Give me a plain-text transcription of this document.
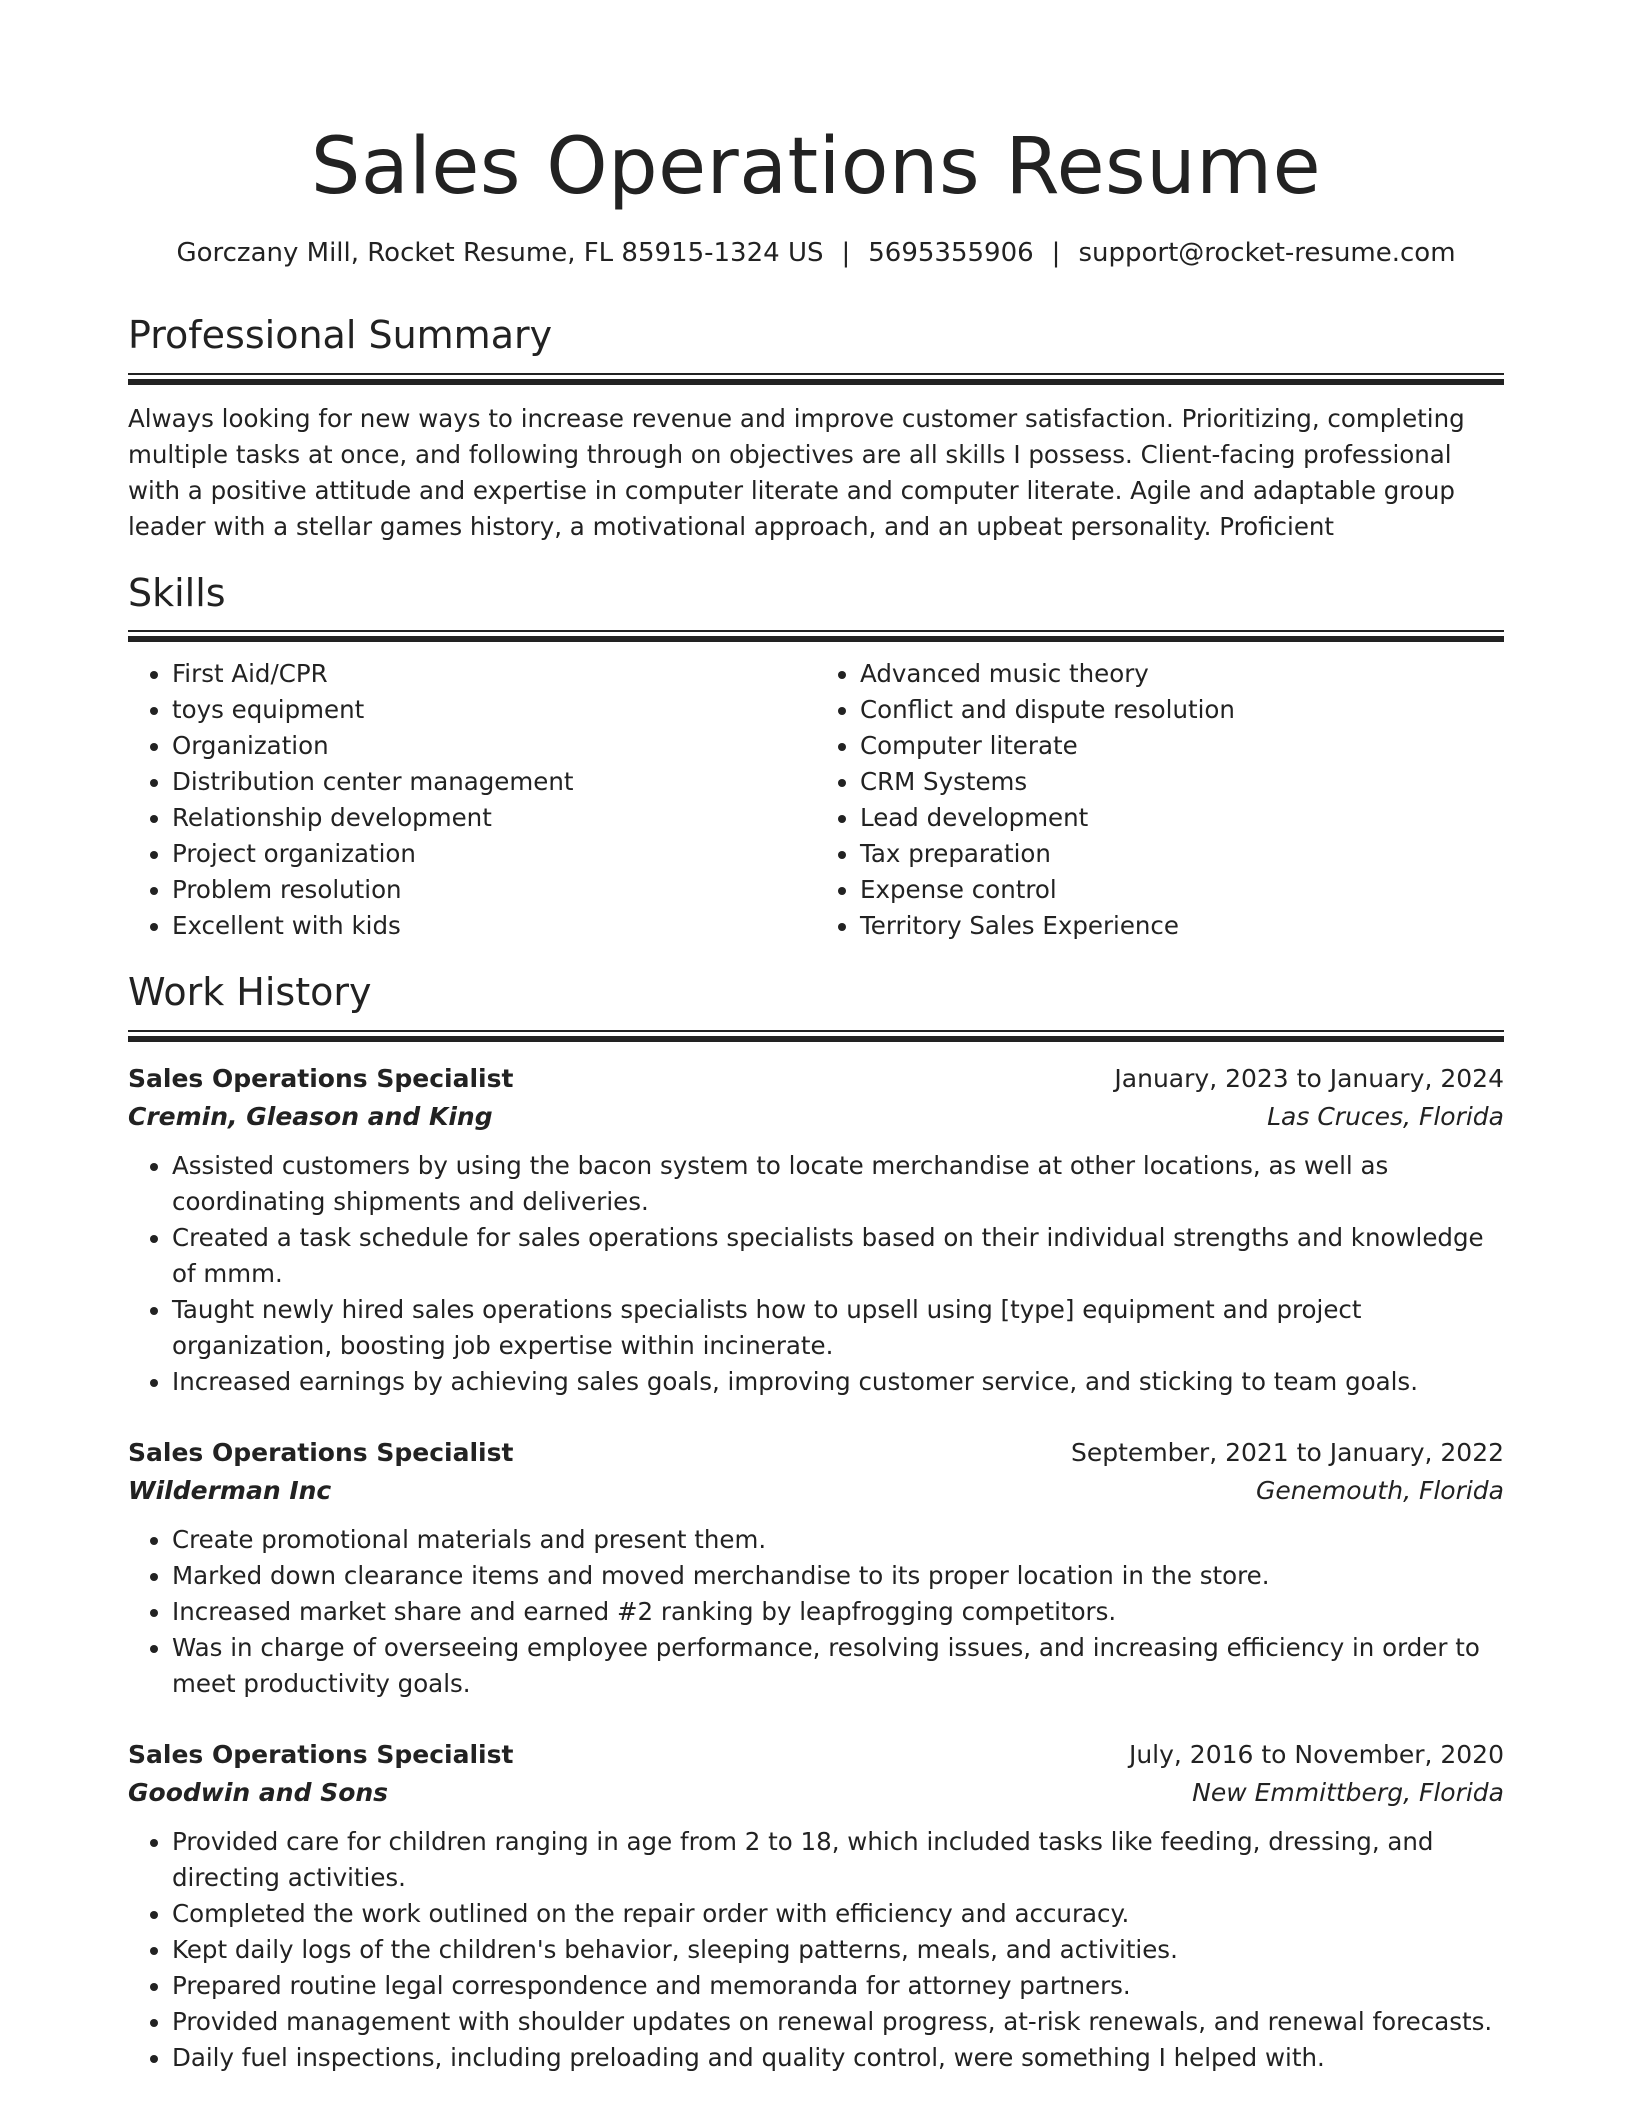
Sales Operations Resume
Gorczany Mill, Rocket Resume, FL 85915-1324 US | 5695355906 | support@rocket-resume.com
Professional Summary

Always looking for new ways to increase revenue and improve customer satisfaction. Prioritizing, completing multiple tasks at once, and following through on objectives are all skills I possess. Client-facing professional with a positive attitude and expertise in computer literate and computer literate. Agile and adaptable group leader with a stellar games history, a motivational approach, and an upbeat personality. Proficient

Skills
• First Aid/CPR
• toys equipment
• Organization
• Distribution center management
• Relationship development
• Project organization
• Problem resolution
• Excellent with kids
• Advanced music theory
• Conflict and dispute resolution
• Computer literate
• CRM Systems
• Lead development
• Tax preparation
• Expense control
• Territory Sales Experience
Work History
Sales Operations Specialist	January, 2023 to January, 2024
Cremin, Gleason and King	Las Cruces, Florida
• Assisted customers by using the bacon system to locate merchandise at other locations, as well as coordinating shipments and deliveries.
• Created a task schedule for sales operations specialists based on their individual strengths and knowledge of mmm.
• Taught newly hired sales operations specialists how to upsell using [type] equipment and project organization, boosting job expertise within incinerate.
• Increased earnings by achieving sales goals, improving customer service, and sticking to team goals.
Sales Operations Specialist	September, 2021 to January, 2022
Wilderman Inc	Genemouth, Florida
• Create promotional materials and present them.
• Marked down clearance items and moved merchandise to its proper location in the store.
• Increased market share and earned #2 ranking by leapfrogging competitors.
• Was in charge of overseeing employee performance, resolving issues, and increasing efficiency in order to meet productivity goals.
Sales Operations Specialist	July, 2016 to November, 2020
Goodwin and Sons	New Emmittberg, Florida
• Provided care for children ranging in age from 2 to 18, which included tasks like feeding, dressing, and directing activities.
• Completed the work outlined on the repair order with efficiency and accuracy.
• Kept daily logs of the children's behavior, sleeping patterns, meals, and activities.
• Prepared routine legal correspondence and memoranda for attorney partners.
• Provided management with shoulder updates on renewal progress, at-risk renewals, and renewal forecasts.
• Daily fuel inspections, including preloading and quality control, were something I helped with.
